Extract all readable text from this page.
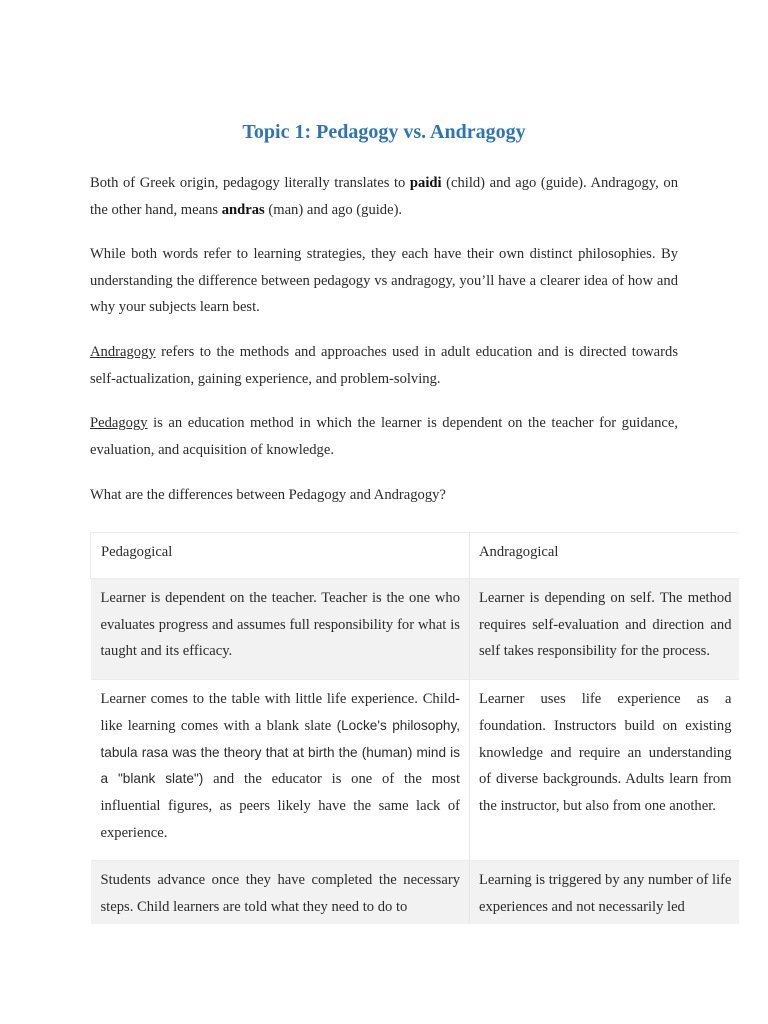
Topic 1: Pedagogy vs. Andragogy

Both of Greek origin, pedagogy literally translates to paidi (child) and ago (guide). Andragogy, on the other hand, means andras (man) and ago (guide).

While both words refer to learning strategies, they each have their own distinct philosophies. By understanding the difference between pedagogy vs andragogy, you’ll have a clearer idea of how and why your subjects learn best.

Andragogy refers to the methods and approaches used in adult education and is directed towards self-actualization, gaining experience, and problem-solving.

Pedagogy is an education method in which the learner is dependent on the teacher for guidance, evaluation, and acquisition of knowledge.

What are the differences between Pedagogy and Andragogy?

Pedagogical	Andragogical
Learner is dependent on the teacher. Teacher is the one who evaluates progress and assumes full responsibility for what is taught and its efficacy.	Learner is depending on self. The method requires self-evaluation and direction and self takes responsibility for the process.
Learner comes to the table with little life experience. Child-like learning comes with a blank slate (Locke's philosophy, tabula rasa was the theory that at birth the (human) mind is a "blank slate") and the educator is one of the most influential figures, as peers likely have the same lack of experience.	Learner uses life experience as a foundation. Instructors build on existing knowledge and require an understanding of diverse backgrounds. Adults learn from the instructor, but also from one another.
Students advance once they have completed the necessary steps. Child learners are told what they need to do to	Learning is triggered by any number of life experiences and not necessarily led
